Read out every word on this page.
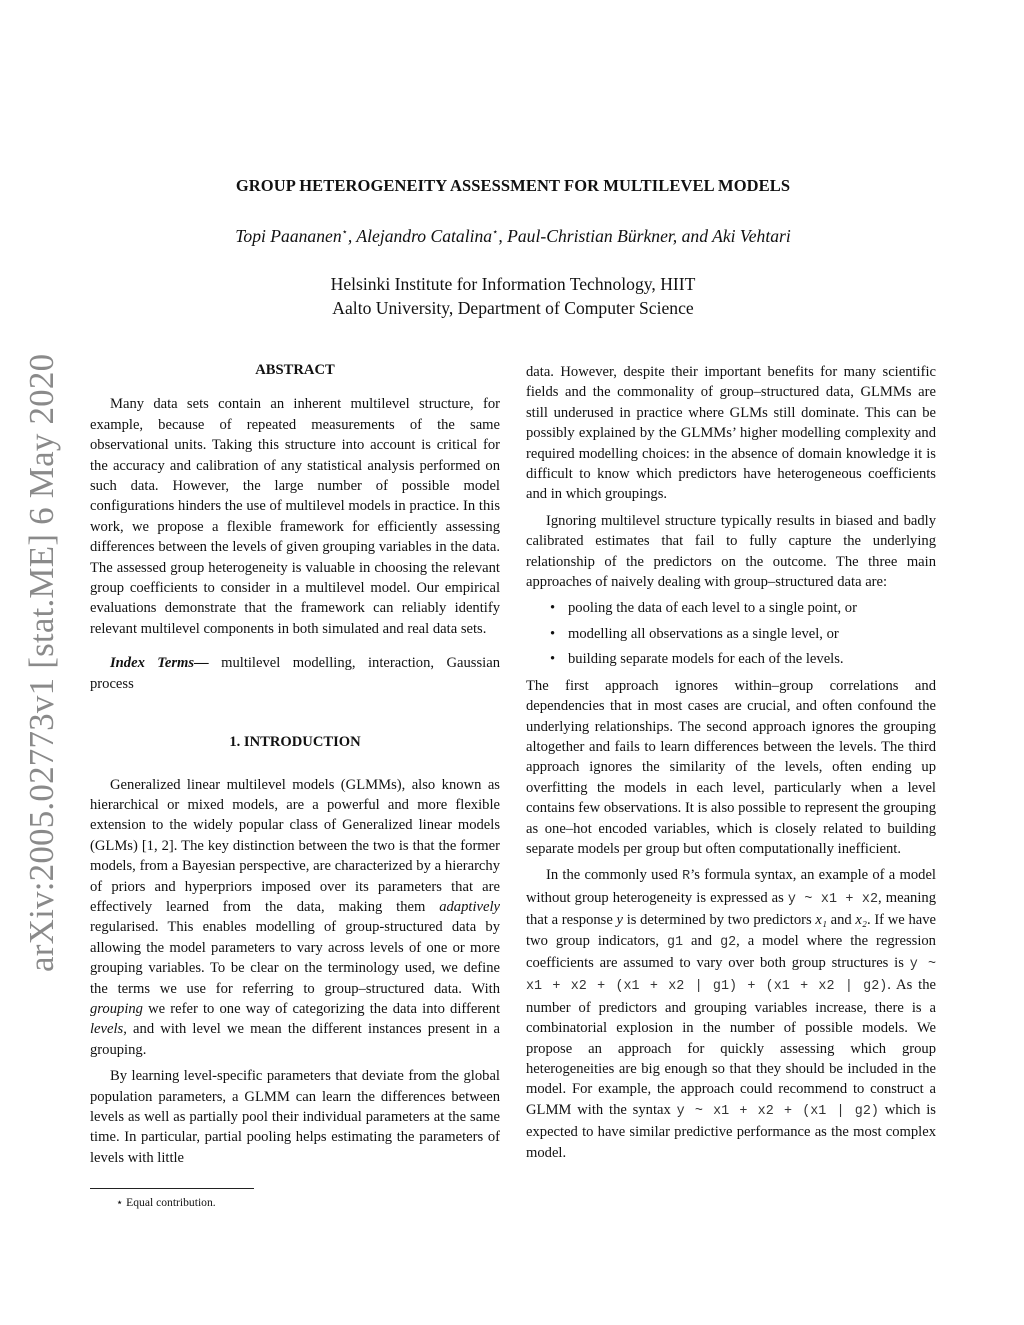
arXiv:2005.02773v1 [stat.ME] 6 May 2020
GROUP HETEROGENEITY ASSESSMENT FOR MULTILEVEL MODELS
Topi Paananen⋆, Alejandro Catalina⋆, Paul-Christian Bürkner, and Aki Vehtari
Helsinki Institute for Information Technology, HIIT
Aalto University, Department of Computer Science
ABSTRACT

Many data sets contain an inherent multilevel structure, for example, because of repeated measurements of the same observational units. Taking this structure into account is critical for the accuracy and calibration of any statistical analysis performed on such data. However, the large number of possible model configurations hinders the use of multilevel models in practice. In this work, we propose a flexible framework for efficiently assessing differences between the levels of given grouping variables in the data. The assessed group heterogeneity is valuable in choosing the relevant group coefficients to consider in a multilevel model. Our empirical evaluations demonstrate that the framework can reliably identify relevant multilevel components in both simulated and real data sets.

Index Terms— multilevel modelling, interaction, Gaussian process

1. INTRODUCTION

Generalized linear multilevel models (GLMMs), also known as hierarchical or mixed models, are a powerful and more flexible extension to the widely popular class of Generalized linear models (GLMs) [1, 2]. The key distinction between the two is that the former models, from a Bayesian perspective, are characterized by a hierarchy of priors and hyperpriors imposed over its parameters that are effectively learned from the data, making them adaptively regularised. This enables modelling of group-structured data by allowing the model parameters to vary across levels of one or more grouping variables. To be clear on the terminology used, we define the terms we use for referring to group–structured data. With grouping we refer to one way of categorizing the data into different levels, and with level we mean the different instances present in a grouping.

By learning level-specific parameters that deviate from the global population parameters, a GLMM can learn the differences between levels as well as partially pool their individual parameters at the same time. In particular, partial pooling helps estimating the parameters of levels with little

data. However, despite their important benefits for many scientific fields and the commonality of group–structured data, GLMMs are still underused in practice where GLMs still dominate. This can be possibly explained by the GLMMs’ higher modelling complexity and required modelling choices: in the absence of domain knowledge it is difficult to know which predictors have heterogeneous coefficients and in which groupings.

Ignoring multilevel structure typically results in biased and badly calibrated estimates that fail to fully capture the underlying relationship of the predictors on the outcome. The three main approaches of naively dealing with group–structured data are:

• pooling the data of each level to a single point, or
• modelling all observations as a single level, or
• building separate models for each of the levels.

The first approach ignores within–group correlations and dependencies that in most cases are crucial, and often confound the underlying relationships. The second approach ignores the grouping altogether and fails to learn differences between the levels. The third approach ignores the similarity of the levels, often ending up overfitting the models in each level, particularly when a level contains few observations. It is also possible to represent the grouping as one–hot encoded variables, which is closely related to building separate models per group but often computationally inefficient.

In the commonly used R’s formula syntax, an example of a model without group heterogeneity is expressed as y ~ x1 + x2, meaning that a response y is determined by two predictors x₁ and x₂. If we have two group indicators, g1 and g2, a model where the regression coefficients are assumed to vary over both group structures is y ~ x1 + x2 + (x1 + x2 | g1) + (x1 + x2 | g2). As the number of predictors and grouping variables increase, there is a combinatorial explosion in the number of possible models. We propose an approach for quickly assessing which group heterogeneities are big enough so that they should be included in the model. For example, the approach could recommend to construct a GLMM with the syntax y ~ x1 + x2 + (x1 | g2) which is expected to have similar predictive performance as the most complex model.

⋆ Equal contribution.
